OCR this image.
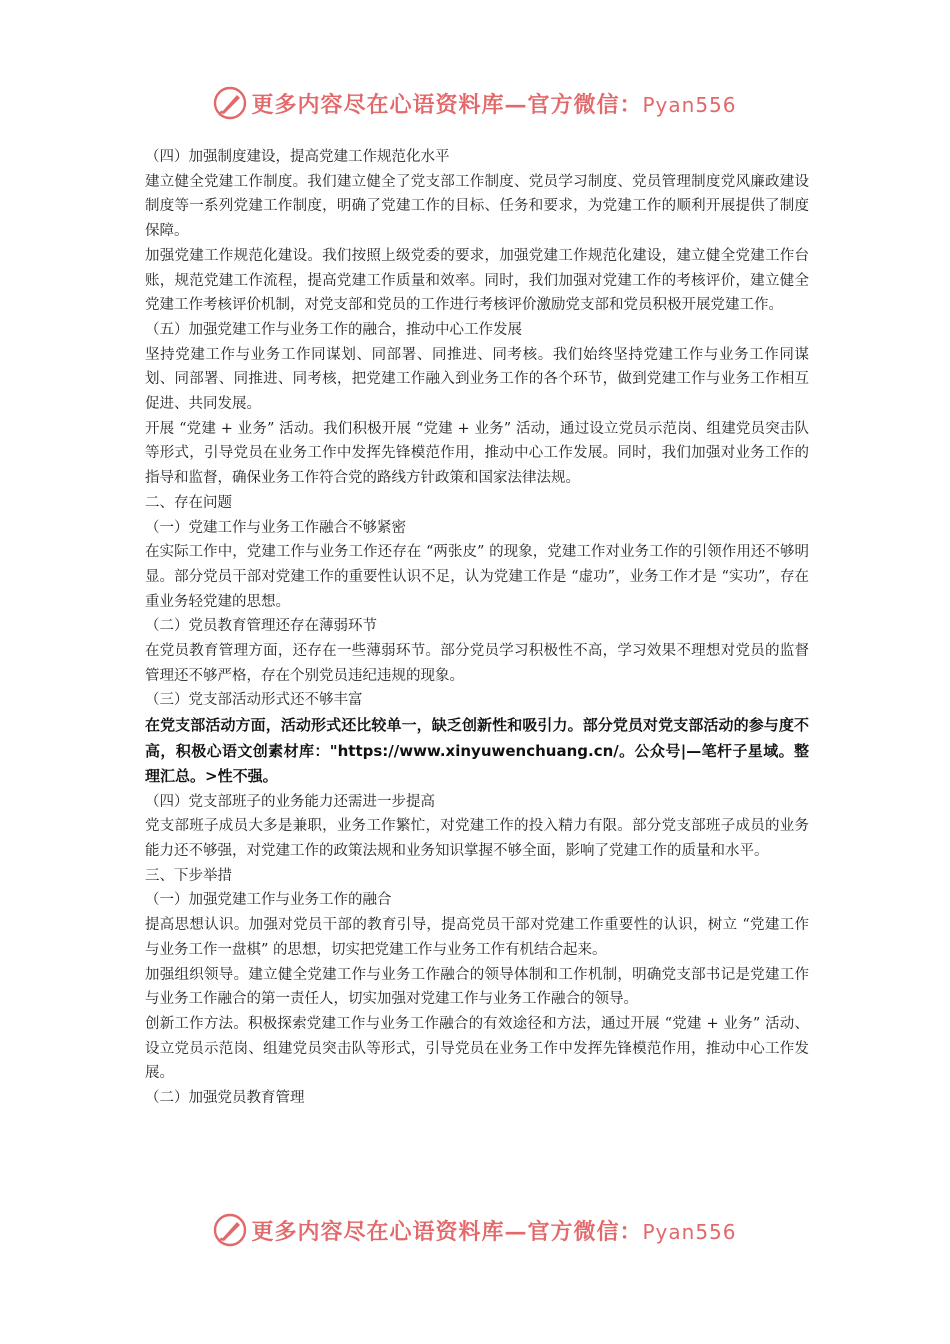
更多内容尽在心语资料库—官方微信：Pyan556

（四）加强制度建设，提高党建工作规范化水平

建立健全党建工作制度。我们建立健全了党支部工作制度、党员学习制度、党员管理制度党风廉政建设制度等一系列党建工作制度，明确了党建工作的目标、任务和要求，为党建工作的顺利开展提供了制度保障。

加强党建工作规范化建设。我们按照上级党委的要求，加强党建工作规范化建设，建立健全党建工作台账，规范党建工作流程，提高党建工作质量和效率。同时，我们加强对党建工作的考核评价，建立健全党建工作考核评价机制，对党支部和党员的工作进行考核评价激励党支部和党员积极开展党建工作。

（五）加强党建工作与业务工作的融合，推动中心工作发展

坚持党建工作与业务工作同谋划、同部署、同推进、同考核。我们始终坚持党建工作与业务工作同谋划、同部署、同推进、同考核，把党建工作融入到业务工作的各个环节，做到党建工作与业务工作相互促进、共同发展。

开展 “党建 + 业务” 活动。我们积极开展 “党建 + 业务” 活动，通过设立党员示范岗、组建党员突击队等形式，引导党员在业务工作中发挥先锋模范作用，推动中心工作发展。同时，我们加强对业务工作的指导和监督，确保业务工作符合党的路线方针政策和国家法律法规。

二、存在问题

（一）党建工作与业务工作融合不够紧密

在实际工作中，党建工作与业务工作还存在 “两张皮” 的现象，党建工作对业务工作的引领作用还不够明显。部分党员干部对党建工作的重要性认识不足，认为党建工作是 “虚功”，业务工作才是 “实功”，存在重业务轻党建的思想。

（二）党员教育管理还存在薄弱环节

在党员教育管理方面，还存在一些薄弱环节。部分党员学习积极性不高，学习效果不理想对党员的监督管理还不够严格，存在个别党员违纪违规的现象。

（三）党支部活动形式还不够丰富

在党支部活动方面，活动形式还比较单一，缺乏创新性和吸引力。部分党员对党支部活动的参与度不高，积极心语文创素材库："https://www.xinyuwenchuang.cn/。公众号|—笔杆子星域。整理汇总。>性不强。

（四）党支部班子的业务能力还需进一步提高

党支部班子成员大多是兼职，业务工作繁忙，对党建工作的投入精力有限。部分党支部班子成员的业务能力还不够强，对党建工作的政策法规和业务知识掌握不够全面，影响了党建工作的质量和水平。

三、下步举措

（一）加强党建工作与业务工作的融合

提高思想认识。加强对党员干部的教育引导，提高党员干部对党建工作重要性的认识，树立 “党建工作与业务工作一盘棋” 的思想，切实把党建工作与业务工作有机结合起来。

加强组织领导。建立健全党建工作与业务工作融合的领导体制和工作机制，明确党支部书记是党建工作与业务工作融合的第一责任人，切实加强对党建工作与业务工作融合的领导。

创新工作方法。积极探索党建工作与业务工作融合的有效途径和方法，通过开展 “党建 + 业务” 活动、设立党员示范岗、组建党员突击队等形式，引导党员在业务工作中发挥先锋模范作用，推动中心工作发展。

（二）加强党员教育管理

更多内容尽在心语资料库—官方微信：Pyan556
